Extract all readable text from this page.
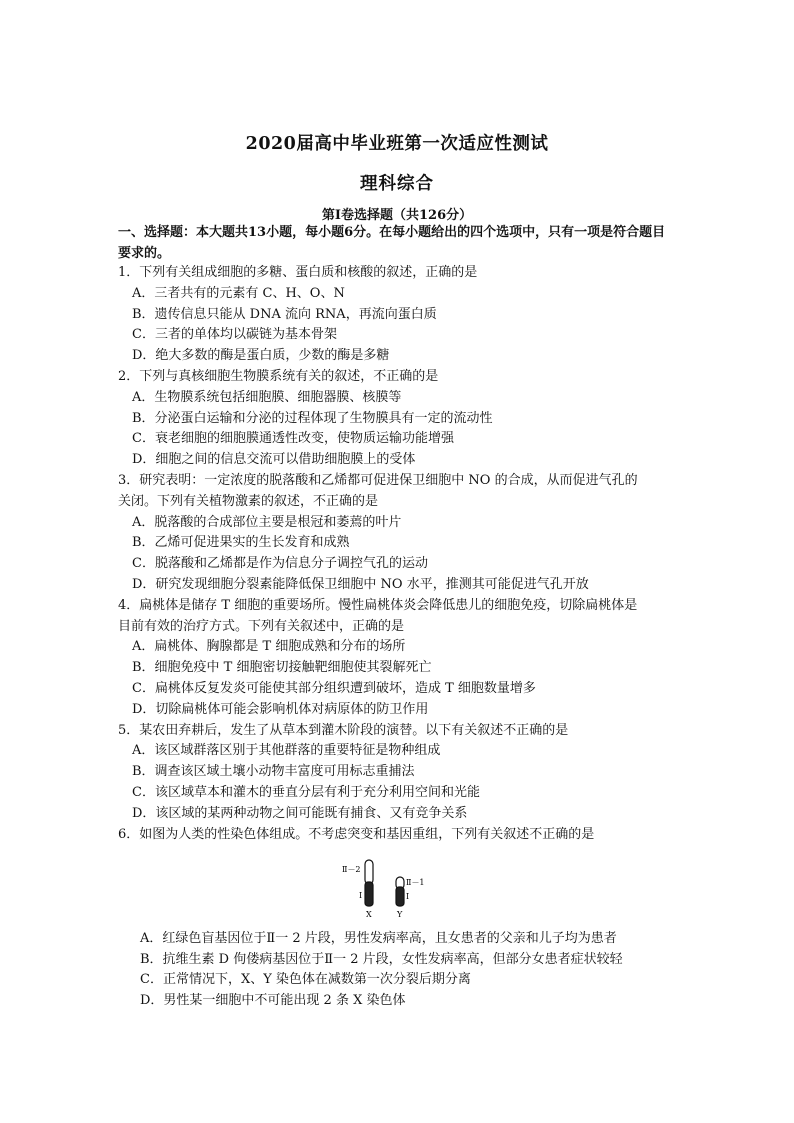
2020届高中毕业班第一次适应性测试
理科综合
第Ⅰ卷选择题（共126分）
一、选择题：本大题共13小题，每小题6分。在每小题给出的四个选项中，只有一项是符合题目要求的。
1．下列有关组成细胞的多糖、蛋白质和核酸的叙述，正确的是
A．三者共有的元素有 C、H、O、N
B．遗传信息只能从 DNA 流向 RNA，再流向蛋白质
C．三者的单体均以碳链为基本骨架
D．绝大多数的酶是蛋白质，少数的酶是多糖
2．下列与真核细胞生物膜系统有关的叙述，不正确的是
A．生物膜系统包括细胞膜、细胞器膜、核膜等
B．分泌蛋白运输和分泌的过程体现了生物膜具有一定的流动性
C．衰老细胞的细胞膜通透性改变，使物质运输功能增强
D．细胞之间的信息交流可以借助细胞膜上的受体
3．研究表明：一定浓度的脱落酸和乙烯都可促进保卫细胞中 NO 的合成，从而促进气孔的
关闭。下列有关植物激素的叙述，不正确的是
A．脱落酸的合成部位主要是根冠和萎蔫的叶片
B．乙烯可促进果实的生长发育和成熟
C．脱落酸和乙烯都是作为信息分子调控气孔的运动
D．研究发现细胞分裂素能降低保卫细胞中 NO 水平，推测其可能促进气孔开放
4．扁桃体是储存 T 细胞的重要场所。慢性扁桃体炎会降低患儿的细胞免疫，切除扁桃体是
目前有效的治疗方式。下列有关叙述中，正确的是
A．扁桃体、胸腺都是 T 细胞成熟和分布的场所
B．细胞免疫中 T 细胞密切接触靶细胞使其裂解死亡
C．扁桃体反复发炎可能使其部分组织遭到破坏，造成 T 细胞数量增多
D．切除扁桃体可能会影响机体对病原体的防卫作用
5．某农田弃耕后，发生了从草本到灌木阶段的演替。以下有关叙述不正确的是
A．该区域群落区别于其他群落的重要特征是物种组成
B．调查该区域土壤小动物丰富度可用标志重捕法
C．该区域草本和灌木的垂直分层有利于充分利用空间和光能
D．该区域的某两种动物之间可能既有捕食、又有竞争关系
6．如图为人类的性染色体组成。不考虑突变和基因重组，下列有关叙述不正确的是
Ⅱ－2
Ⅰ
Ⅱ－1
Ⅰ
X	Y
A．红绿色盲基因位于Ⅱ一 2 片段，男性发病率高，且女患者的父亲和儿子均为患者
B．抗维生素 D 佝偻病基因位于Ⅱ一 2 片段，女性发病率高，但部分女患者症状较轻
C．正常情况下，X、Y 染色体在减数第一次分裂后期分离
D．男性某一细胞中不可能出现 2 条 X 染色体
